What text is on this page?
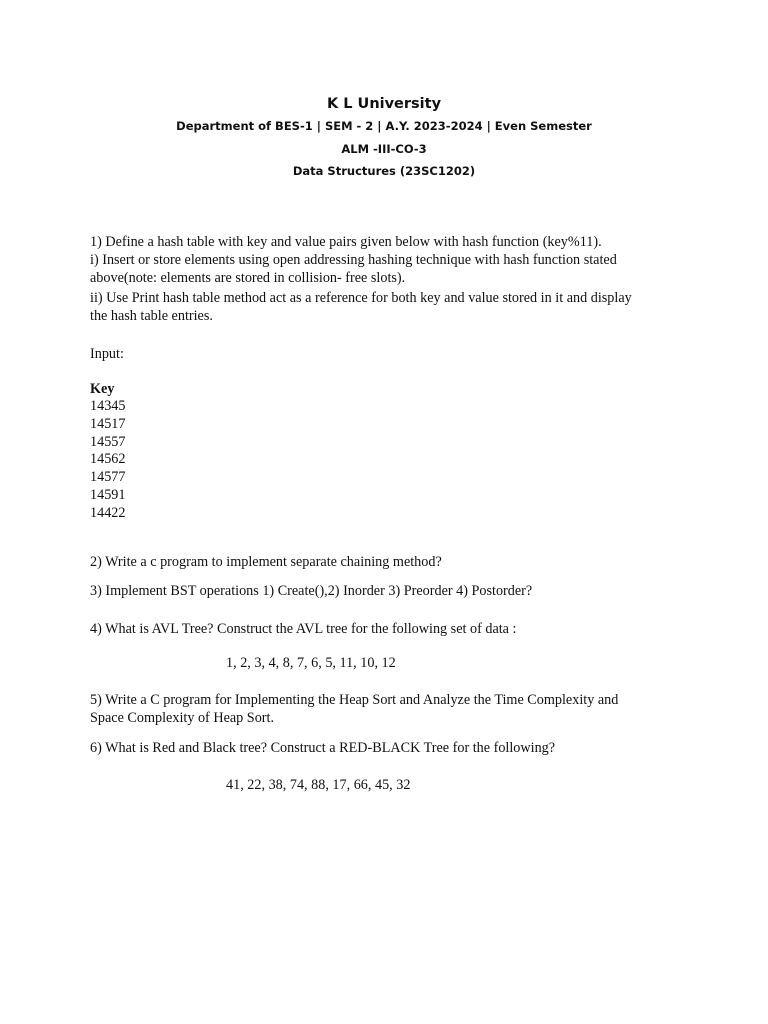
K L University
Department of BES-1 | SEM - 2 | A.Y. 2023-2024 | Even Semester
ALM -III-CO-3
Data Structures (23SC1202)
1) Define a hash table with key and value pairs given below with hash function (key%11).
i) Insert or store elements using open addressing hashing technique with hash function stated
above(note: elements are stored in collision- free slots).
ii) Use Print hash table method act as a reference for both key and value stored in it and display
the hash table entries.
Input:
Key
14345
14517
14557
14562
14577
14591
14422
2) Write a c program to implement separate chaining method?
3) Implement BST operations 1) Create(),2) Inorder 3) Preorder 4) Postorder?
4) What is AVL Tree? Construct the AVL tree for the following set of data :
1, 2, 3, 4, 8, 7, 6, 5, 11, 10, 12
5) Write a C program for Implementing the Heap Sort and Analyze the Time Complexity and
Space Complexity of Heap Sort.
6) What is Red and Black tree? Construct a RED-BLACK Tree for the following?
41, 22, 38, 74, 88, 17, 66, 45, 32
